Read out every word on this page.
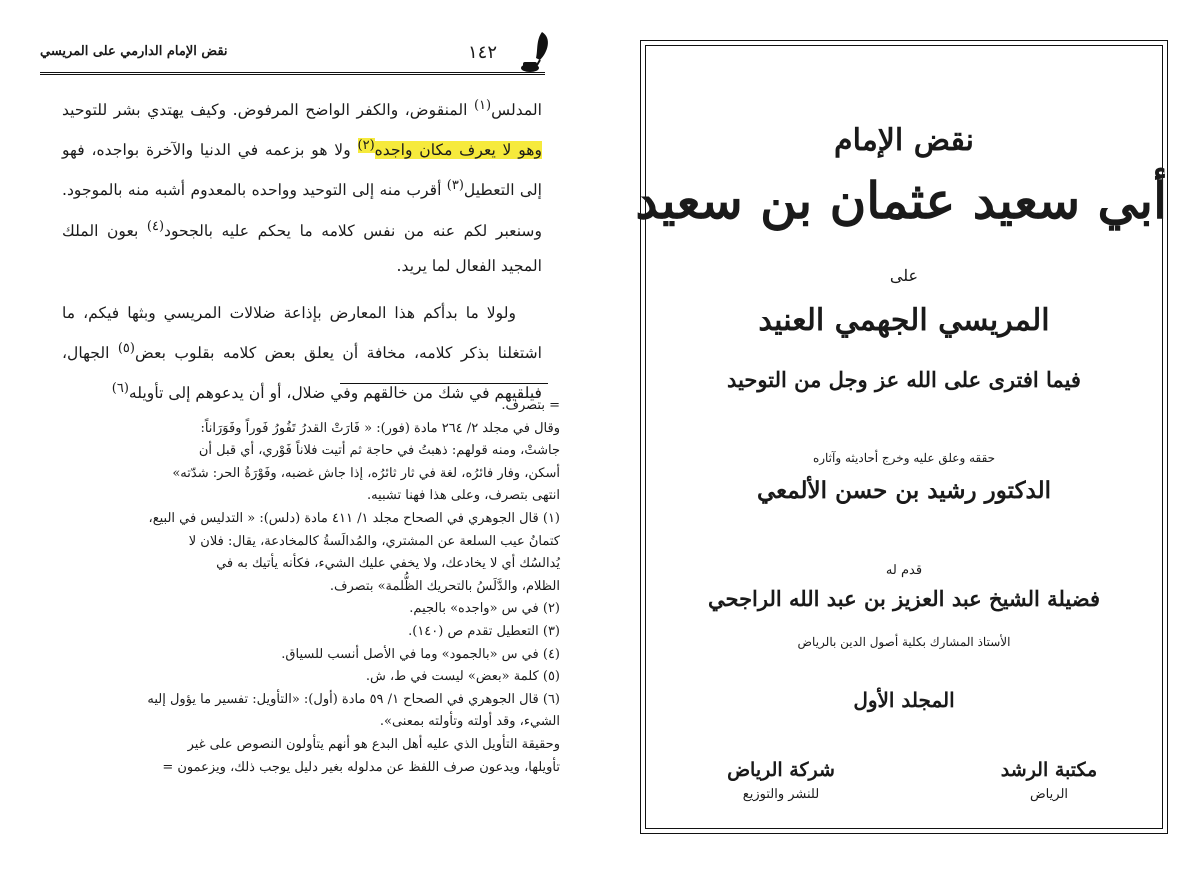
نقض الإمام الدارمي على المريسي	١٤٢

المدلس$^{(١)}$ المنقوض، والكفر الواضح المرفوض. وكيف يهتدي بشر للتوحيد وهو لا يعرف مكان واجده$^{(٢)}$ ولا هو بزعمه في الدنيا والآخرة بواجده، فهو إلى التعطيل$^{(٣)}$ أقرب منه إلى التوحيد وواحده بالمعدوم أشبه منه بالموجود. وسنعبر لكم عنه من نفس كلامه ما يحكم عليه بالجحود$^{(٤)}$ بعون الملك المجيد الفعال لما يريد.

ولولا ما بدأكم هذا المعارض بإذاعة ضلالات المريسي وبثها فيكم، ما اشتغلنا بذكر كلامه، مخافة أن يعلق بعض كلامه بقلوب بعض$^{(٥)}$ الجهال، فيلقيهم في شك من خالقهم وفي ضلال، أو أن يدعوهم إلى تأويله$^{(٦)}$

= بتصرف.
وقال في مجلد ٢/ ٢٦٤ مادة (فور): « فَارَتْ القدرُ تَفُورُ فَوراً وفَوَرَاناً:
جاشتْ، ومنه قولهم: ذهبتُ في حاجة ثم أتيت فلاناً فَوْري، أي قبل أن
أسكن، وفار فائرُه، لغة في ثار ثائرُه، إذا جاش غضبه، وفَوْرَةُ الحر: شدّته»
انتهى بتصرف، وعلى هذا فهنا تشبيه.
(١) قال الجوهري في الصحاح مجلد ١/ ٤١١ مادة (دلس): « التدليس في البيع،
كتمانُ عيب السلعة عن المشتري، والمُدالَسةُ كالمخادعة، يقال: فلان لا
يُدالسُك أي لا يخادعك، ولا يخفي عليك الشيء، فكأنه يأتيك به في
الظلام، والدَّلَسُ بالتحريك الظُّلمة» بتصرف.
(٢) في س «واجده» بالجيم.
(٣) التعطيل تقدم ص (١٤٠).
(٤) في س «بالجمود» وما في الأصل أنسب للسياق.
(٥) كلمة «بعض» ليست في ط، ش.
(٦) قال الجوهري في الصحاح ١/ ٥٩ مادة (أول): «التأويل: تفسير ما يؤول إليه
الشيء، وقد أولته وتأولته بمعنى».
وحقيقة التأويل الذي عليه أهل البدع هو أنهم يتأولون النصوص على غير
تأويلها، ويدعون صرف اللفظ عن مدلوله بغير دليل يوجب ذلك، ويزعمون =
نقض الإمام
أبي سعيد عثمان بن سعيد
على
المريسي الجهمي العنيد
فيما افترى على الله عز وجل من التوحيد
حققه وعلق عليه وخرج أحاديثه وآثاره
الدكتور رشيد بن حسن الألمعي
قدم له
فضيلة الشيخ عبد العزيز بن عبد الله الراجحي
الأستاذ المشارك بكلية أصول الدين بالرياض
المجلد الأول
مكتبة الرشد
الرياض
شركة الرياض
للنشر والتوزيع
